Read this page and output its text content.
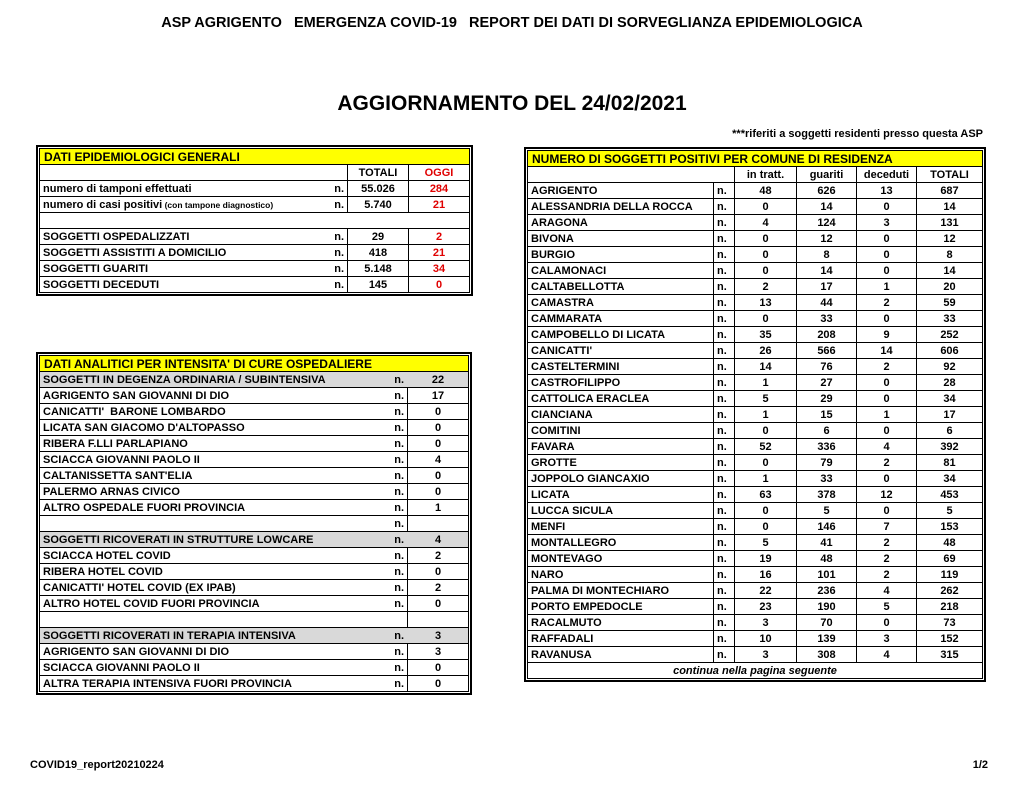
ASP AGRIGENTO   EMERGENZA COVID-19   REPORT DEI DATI DI SORVEGLIANZA EPIDEMIOLOGICA
AGGIORNAMENTO DEL 24/02/2021
***riferiti a soggetti residenti presso questa ASP
DATI EPIDEMIOLOGICI GENERALI		
	TOTALI	OGGI
numero di tamponi effettuati n.	55.026	284
numero di casi positivi (con tampone diagnostico) n.	5.740	21

SOGGETTI OSPEDALIZZATI n.	29	2
SOGGETTI ASSISTITI A DOMICILIO n.	418	21
SOGGETTI GUARITI n.	5.148	34
SOGGETTI DECEDUTI n.	145	0
DATI ANALITICI PER INTENSITA' DI CURE OSPEDALIERE	
SOGGETTI IN DEGENZA ORDINARIA / SUBINTENSIVA n.	22
AGRIGENTO SAN GIOVANNI DI DIO n.	17
CANICATTI'  BARONE LOMBARDO n.	0
LICATA SAN GIACOMO D'ALTOPASSO n.	0
RIBERA F.LLI PARLAPIANO n.	0
SCIACCA GIOVANNI PAOLO II n.	4
CALTANISSETTA SANT'ELIA n.	0
PALERMO ARNAS CIVICO n.	0
ALTRO OSPEDALE FUORI PROVINCIA n.	1

n.	

SOGGETTI RICOVERATI IN STRUTTURE LOWCARE n.	4
SCIACCA HOTEL COVID n.	2
RIBERA HOTEL COVID n.	0
CANICATTI' HOTEL COVID (EX IPAB) n.	2
ALTRO HOTEL COVID FUORI PROVINCIA n.	0

SOGGETTI RICOVERATI IN TERAPIA INTENSIVA n.	3
AGRIGENTO SAN GIOVANNI DI DIO n.	3
SCIACCA GIOVANNI PAOLO II n.	0
ALTRA TERAPIA INTENSIVA FUORI PROVINCIA n.	0
NUMERO DI SOGGETTI POSITIVI PER COMUNE DI RESIDENZA					
		in tratt.	guariti	deceduti	TOTALI
AGRIGENTO	n.	48	626	13	687
ALESSANDRIA DELLA ROCCA	n.	0	14	0	14
ARAGONA	n.	4	124	3	131
BIVONA	n.	0	12	0	12
BURGIO	n.	0	8	0	8
CALAMONACI	n.	0	14	0	14
CALTABELLOTTA	n.	2	17	1	20
CAMASTRA	n.	13	44	2	59
CAMMARATA	n.	0	33	0	33
CAMPOBELLO DI LICATA	n.	35	208	9	252
CANICATTI'	n.	26	566	14	606
CASTELTERMINI	n.	14	76	2	92
CASTROFILIPPO	n.	1	27	0	28
CATTOLICA ERACLEA	n.	5	29	0	34
CIANCIANA	n.	1	15	1	17
COMITINI	n.	0	6	0	6
FAVARA	n.	52	336	4	392
GROTTE	n.	0	79	2	81
JOPPOLO GIANCAXIO	n.	1	33	0	34
LICATA	n.	63	378	12	453
LUCCA SICULA	n.	0	5	0	5
MENFI	n.	0	146	7	153
MONTALLEGRO	n.	5	41	2	48
MONTEVAGO	n.	19	48	2	69
NARO	n.	16	101	2	119
PALMA DI MONTECHIARO	n.	22	236	4	262
PORTO EMPEDOCLE	n.	23	190	5	218
RACALMUTO	n.	3	70	0	73
RAFFADALI	n.	10	139	3	152
RAVANUSA	n.	3	308	4	315
continua nella pagina seguente					
COVID19_report20210224	1/2
